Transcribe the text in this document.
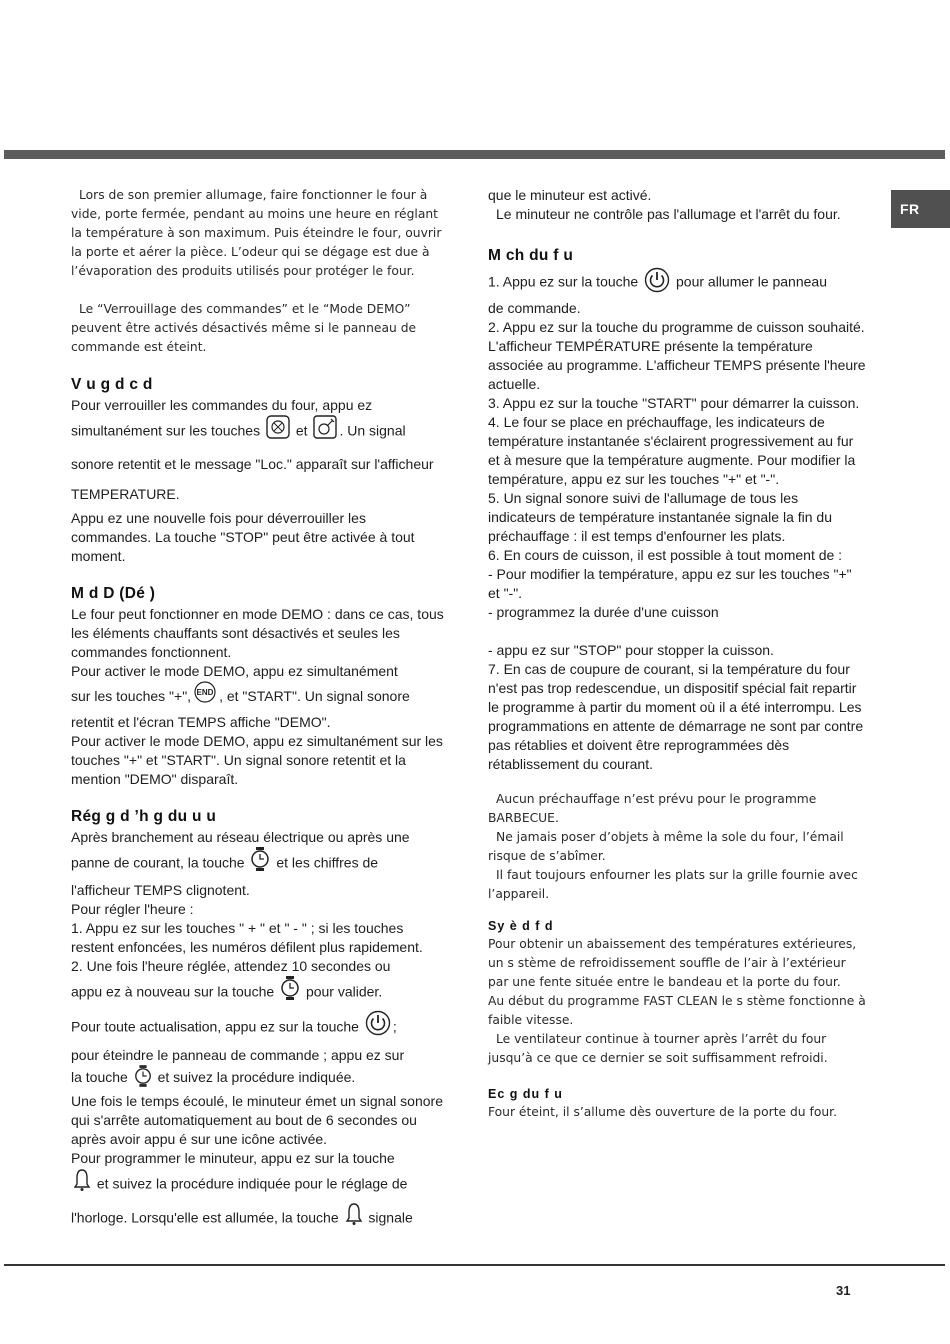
FR

Lors de son premier allumage, faire fonctionner le four à vide, porte fermée, pendant au moins une heure en réglant la température à son maximum. Puis éteindre le four, ouvrir la porte et aérer la pièce. L’odeur qui se dégage est due à l’évaporation des produits utilisés pour protéger le four.

Le “Verrouillage des commandes” et le “Mode DEMO” peuvent être activés désactivés même si le panneau de commande est éteint.

V u g d c d

Pour verrouiller les commandes du four, appu ez

simultanément sur les touches	et . Un signal sonore retentit et le message "Loc." apparaît sur l'afficheur TEMPERATURE.

Appu ez une nouvelle fois pour déverrouiller les commandes. La touche "STOP" peut être activée à tout moment.

M d D (Dé )

Le four peut fonctionner en mode DEMO : dans ce cas, tous les éléments chauffants sont désactivés et seules les commandes fonctionnent.

Pour activer le mode DEMO, appu ez simultanément

sur les touches "+", END , et "START". Un signal sonore

retentit et l'écran TEMPS affiche "DEMO".

Pour activer le mode DEMO, appu ez simultanément sur les touches "+" et "START". Un signal sonore retentit et la mention "DEMO" disparaît.

Rég g d ’h g du u u

Après branchement au réseau électrique ou après une

panne de courant, la touche et les chiffres de

l'afficheur TEMPS clignotent.

Pour régler l'heure :

1. Appu ez sur les touches " + " et " - " ; si les touches restent enfoncées, les numéros défilent plus rapidement.

2. Une fois l'heure réglée, attendez 10 secondes ou

appu ez à nouveau sur la touche pour valider.

Pour toute actualisation, appu ez sur la touche ;

pour éteindre le panneau de commande ; appu ez sur

la touche et suivez la procédure indiquée.

Une fois le temps écoulé, le minuteur émet un signal sonore qui s'arrête automatiquement au bout de 6 secondes ou après avoir appu é sur une icône activée.

Pour programmer le minuteur, appu ez sur la touche

et suivez la procédure indiquée pour le réglage de

l'horloge. Lorsqu'elle est allumée, la touche signale

que le minuteur est activé.

Le minuteur ne contrôle pas l'allumage et l'arrêt du four.

M ch du f u

1. Appu ez sur la touche	pour allumer le panneau

de commande.

2. Appu ez sur la touche du programme de cuisson souhaité. L'afficheur TEMPÉRATURE présente la température associée au programme. L'afficheur TEMPS présente l'heure actuelle.

3. Appu ez sur la touche "START" pour démarrer la cuisson.

4. Le four se place en préchauffage, les indicateurs de température instantanée s'éclairent progressivement au fur et à mesure que la température augmente. Pour modifier la température, appu ez sur les touches "+" et "-".

5. Un signal sonore suivi de l'allumage de tous les indicateurs de température instantanée signale la fin du préchauffage : il est temps d'enfourner les plats.

6. En cours de cuisson, il est possible à tout moment de :

- Pour modifier la température, appu ez sur les touches "+" et "-".

- programmez la durée d'une cuisson

- appu ez sur "STOP" pour stopper la cuisson.

7. En cas de coupure de courant, si la température du four n'est pas trop redescendue, un dispositif spécial fait repartir le programme à partir du moment où il a été interrompu. Les programmations en attente de démarrage ne sont par contre pas rétablies et doivent être reprogrammées dès rétablissement du courant.

Aucun préchauffage n’est prévu pour le programme BARBECUE.

Ne jamais poser d’objets à même la sole du four, l’émail risque de s’abîmer.

Il faut toujours enfourner les plats sur la grille fournie avec l’appareil.

Sy è d f d

Pour obtenir un abaissement des températures extérieures, un s stème de refroidissement souffle de l’air à l’extérieur par une fente située entre le bandeau et la porte du four.

Au début du programme FAST CLEAN le s stème fonctionne à faible vitesse.

Le ventilateur continue à tourner après l’arrêt du four jusqu’à ce que ce dernier se soit suffisamment refroidi.

Ec g du f u

Four éteint, il s’allume dès ouverture de la porte du four.

31
